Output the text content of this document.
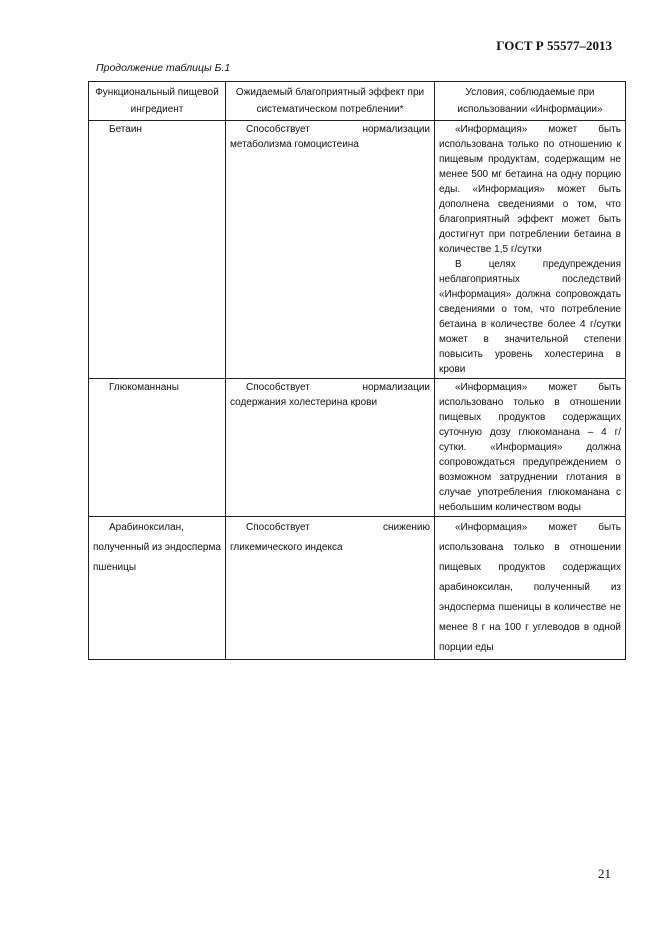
ГОСТ Р 55577–2013
Продолжение таблицы Б.1
Функциональный пищевой ингредиент	Ожидаемый благоприятный эффект при систематическом потреблении*	Условия, соблюдаемые при использовании «Информации»
Бетаин	Способствует нормализации метаболизма гомоцистеина	«Информация» может быть использована только по отношению к пищевым продуктам, содержащим не менее 500 мг бетаина на одну порцию еды. «Информация» может быть дополнена сведениями о том, что благоприятный эффект может быть достигнут при потреблении бетаина в количестве 1,5 г/сутки

В целях предупреждения неблагоприятных последствий «Информация» должна сопровождать сведениями о том, что потребление бетаина в количестве более 4 г/сутки может в значительной степени повысить уровень холестерина в крови

Глюкоманнаны	Способствует нормализации содержания холестерина крови	«Информация» может быть использовано только в отношении пищевых продуктов содержащих суточную дозу глюкоманана – 4 г/сутки. «Информация» должна сопровождаться предупреждением о возможном затруднении глотания в случае употребления глюкоманана с небольшим количеством воды

Арабиноксилан, полученный из эндосперма пшеницы	Способствует снижению гликемического индекса	«Информация» может быть использована только в отношении пищевых продуктов содержащих арабиноксилан, полученный из эндосперма пшеницы в количестве не менее 8 г на 100 г углеводов в одной порции еды

21
